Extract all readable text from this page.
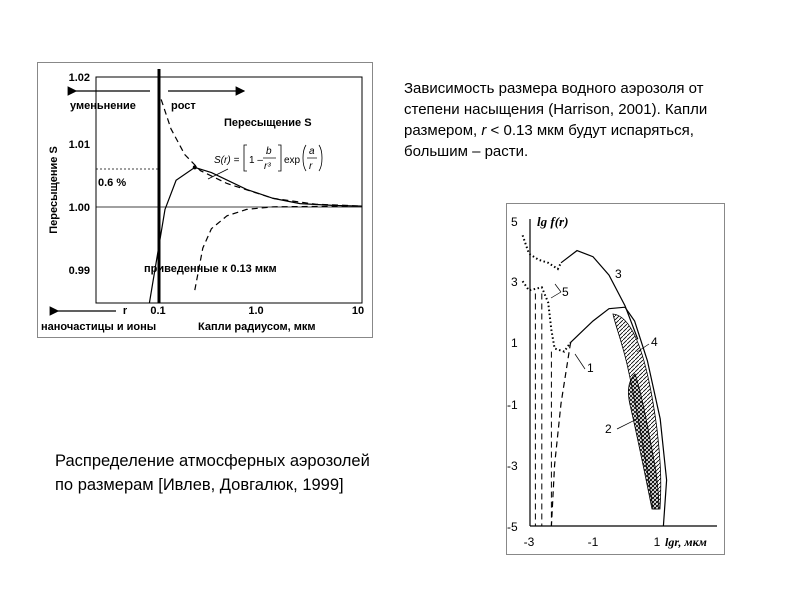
Зависимость размера водного аэрозоля от
степени насыщения (Harrison, 2001). Капли
размером, r < 0.13 мкм будут испаряться,
большим – расти.
Распределение атмосферных аэрозолей
по размерам [Ивлев, Довгалюк, 1999]
1.02
1.01
1.00
0.99
Пересыщение S
r 0.1	1.0	10
наночастицы и ионы	Капли радиусом, мкм
уменьнение	рост
Пересыщение S
0.6 %
приведенные к 0.13 мкм
S(r) = 1 –
b
r³
exp
a
r
5
3
1
-1
-3
-5
lg f(r)
-3	-1	1 lgr, мкм
1
2
3
4
5
